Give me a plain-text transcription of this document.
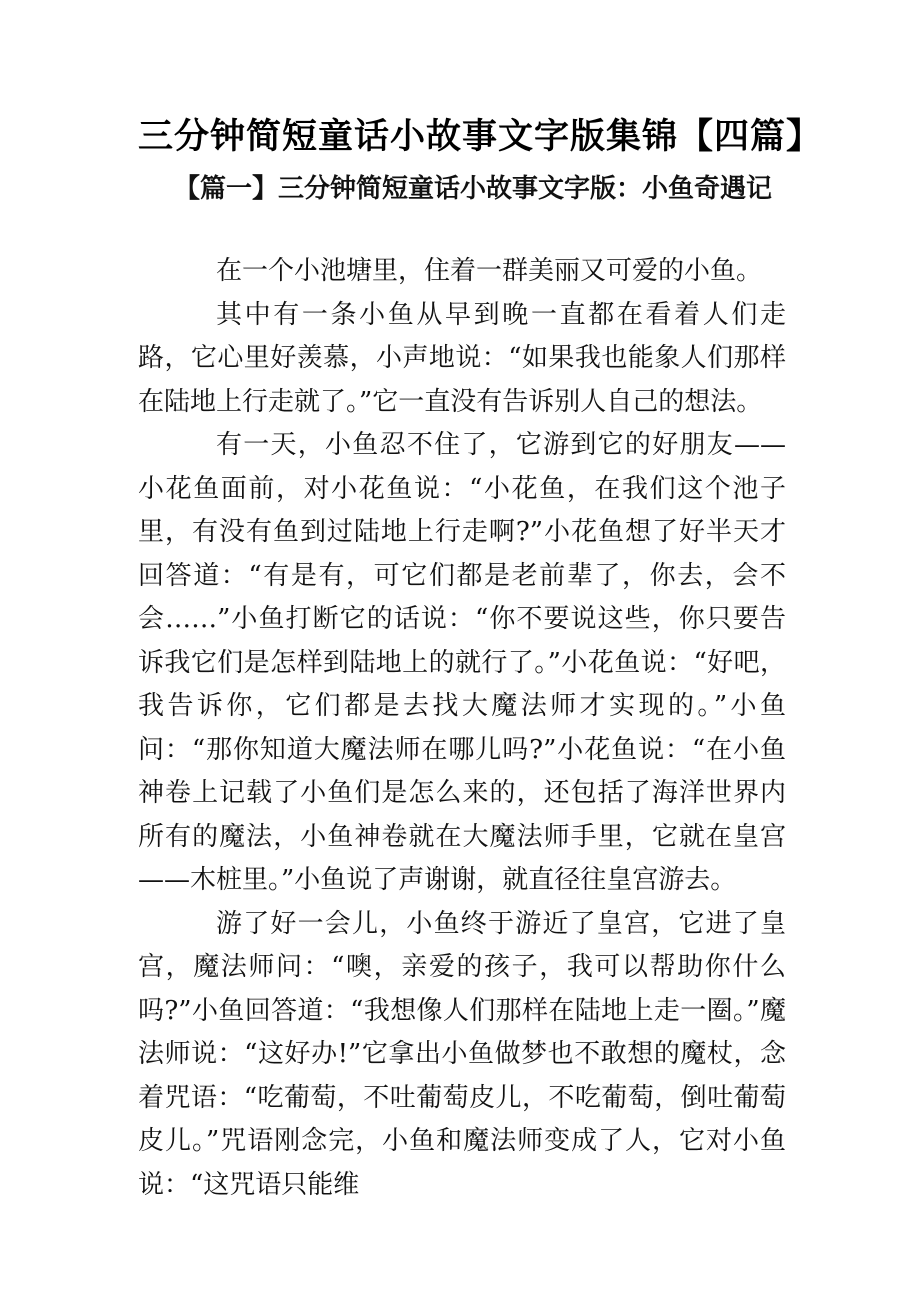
三分钟简短童话小故事文字版集锦【四篇】
【篇一】三分钟简短童话小故事文字版：小鱼奇遇记

在一个小池塘里，住着一群美丽又可爱的小鱼。

其中有一条小鱼从早到晚一直都在看着人们走路，它心里好羡慕，小声地说：“如果我也能象人们那样在陆地上行走就了。”它一直没有告诉别人自己的想法。

有一天，小鱼忍不住了，它游到它的好朋友——小花鱼面前，对小花鱼说：“小花鱼，在我们这个池子里，有没有鱼到过陆地上行走啊?”小花鱼想了好半天才回答道：“有是有，可它们都是老前辈了，你去，会不会……”小鱼打断它的话说：“你不要说这些，你只要告诉我它们是怎样到陆地上的就行了。”小花鱼说：“好吧，我告诉你，它们都是去找大魔法师才实现的。”小鱼问：“那你知道大魔法师在哪儿吗?”小花鱼说：“在小鱼神卷上记载了小鱼们是怎么来的，还包括了海洋世界内所有的魔法，小鱼神卷就在大魔法师手里，它就在皇宫——木桩里。”小鱼说了声谢谢，就直径往皇宫游去。

游了好一会儿，小鱼终于游近了皇宫，它进了皇宫，魔法师问：“噢，亲爱的孩子，我可以帮助你什么吗?”小鱼回答道：“我想像人们那样在陆地上走一圈。”魔法师说：“这好办!”它拿出小鱼做梦也不敢想的魔杖，念着咒语：“吃葡萄，不吐葡萄皮儿，不吃葡萄，倒吐葡萄皮儿。”咒语刚念完，小鱼和魔法师变成了人，它对小鱼说：“这咒语只能维
